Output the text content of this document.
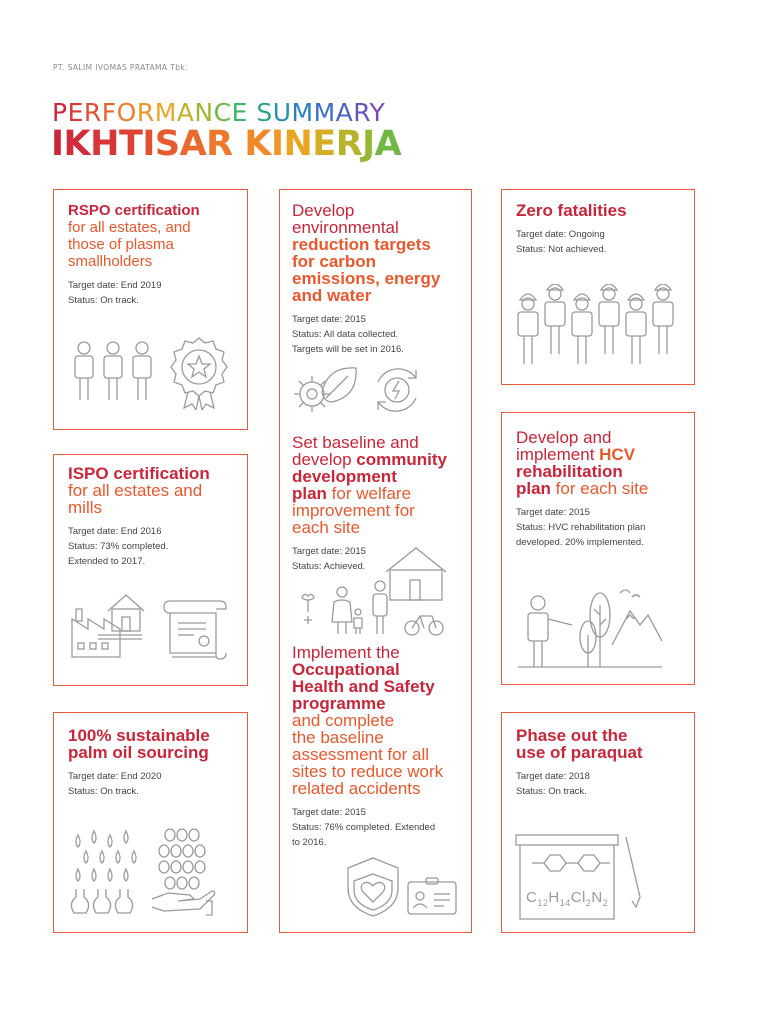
PT. SALIM IVOMAS PRATAMA Tbk.
PERFORMANCE SUMMARY
IKHTISAR KINERJA
RSPO certification
for all estates, and
those of plasma
smallholders
Target date: End 2019
Status: On track.
ISPO certification
for all estates and
mills
Target date: End 2016
Status: 73% completed.
Extended to 2017.
100% sustainable
palm oil sourcing
Target date: End 2020
Status: On track.
Develop
environmental
reduction targets
for carbon
emissions, energy
and water
Target date: 2015
Status: All data collected.
Targets will be set in 2016.
Set baseline and
develop community
development
plan for welfare
improvement for
each site
Target date: 2015
Status: Achieved.
Implement the
Occupational
Health and Safety
programme
and complete
the baseline
assessment for all
sites to reduce work
related accidents
Target date: 2015
Status: 76% completed. Extended
to 2016.
Zero fatalities
Target date: Ongoing
Status: Not achieved.
Develop and
implement HCV
rehabilitation
plan for each site
Target date: 2015
Status: HVC rehabilitation plan
developed. 20% implemented.
Phase out the
use of paraquat
Target date: 2018
Status: On track.
$C_{12}H_{14}Cl_2N_2$
